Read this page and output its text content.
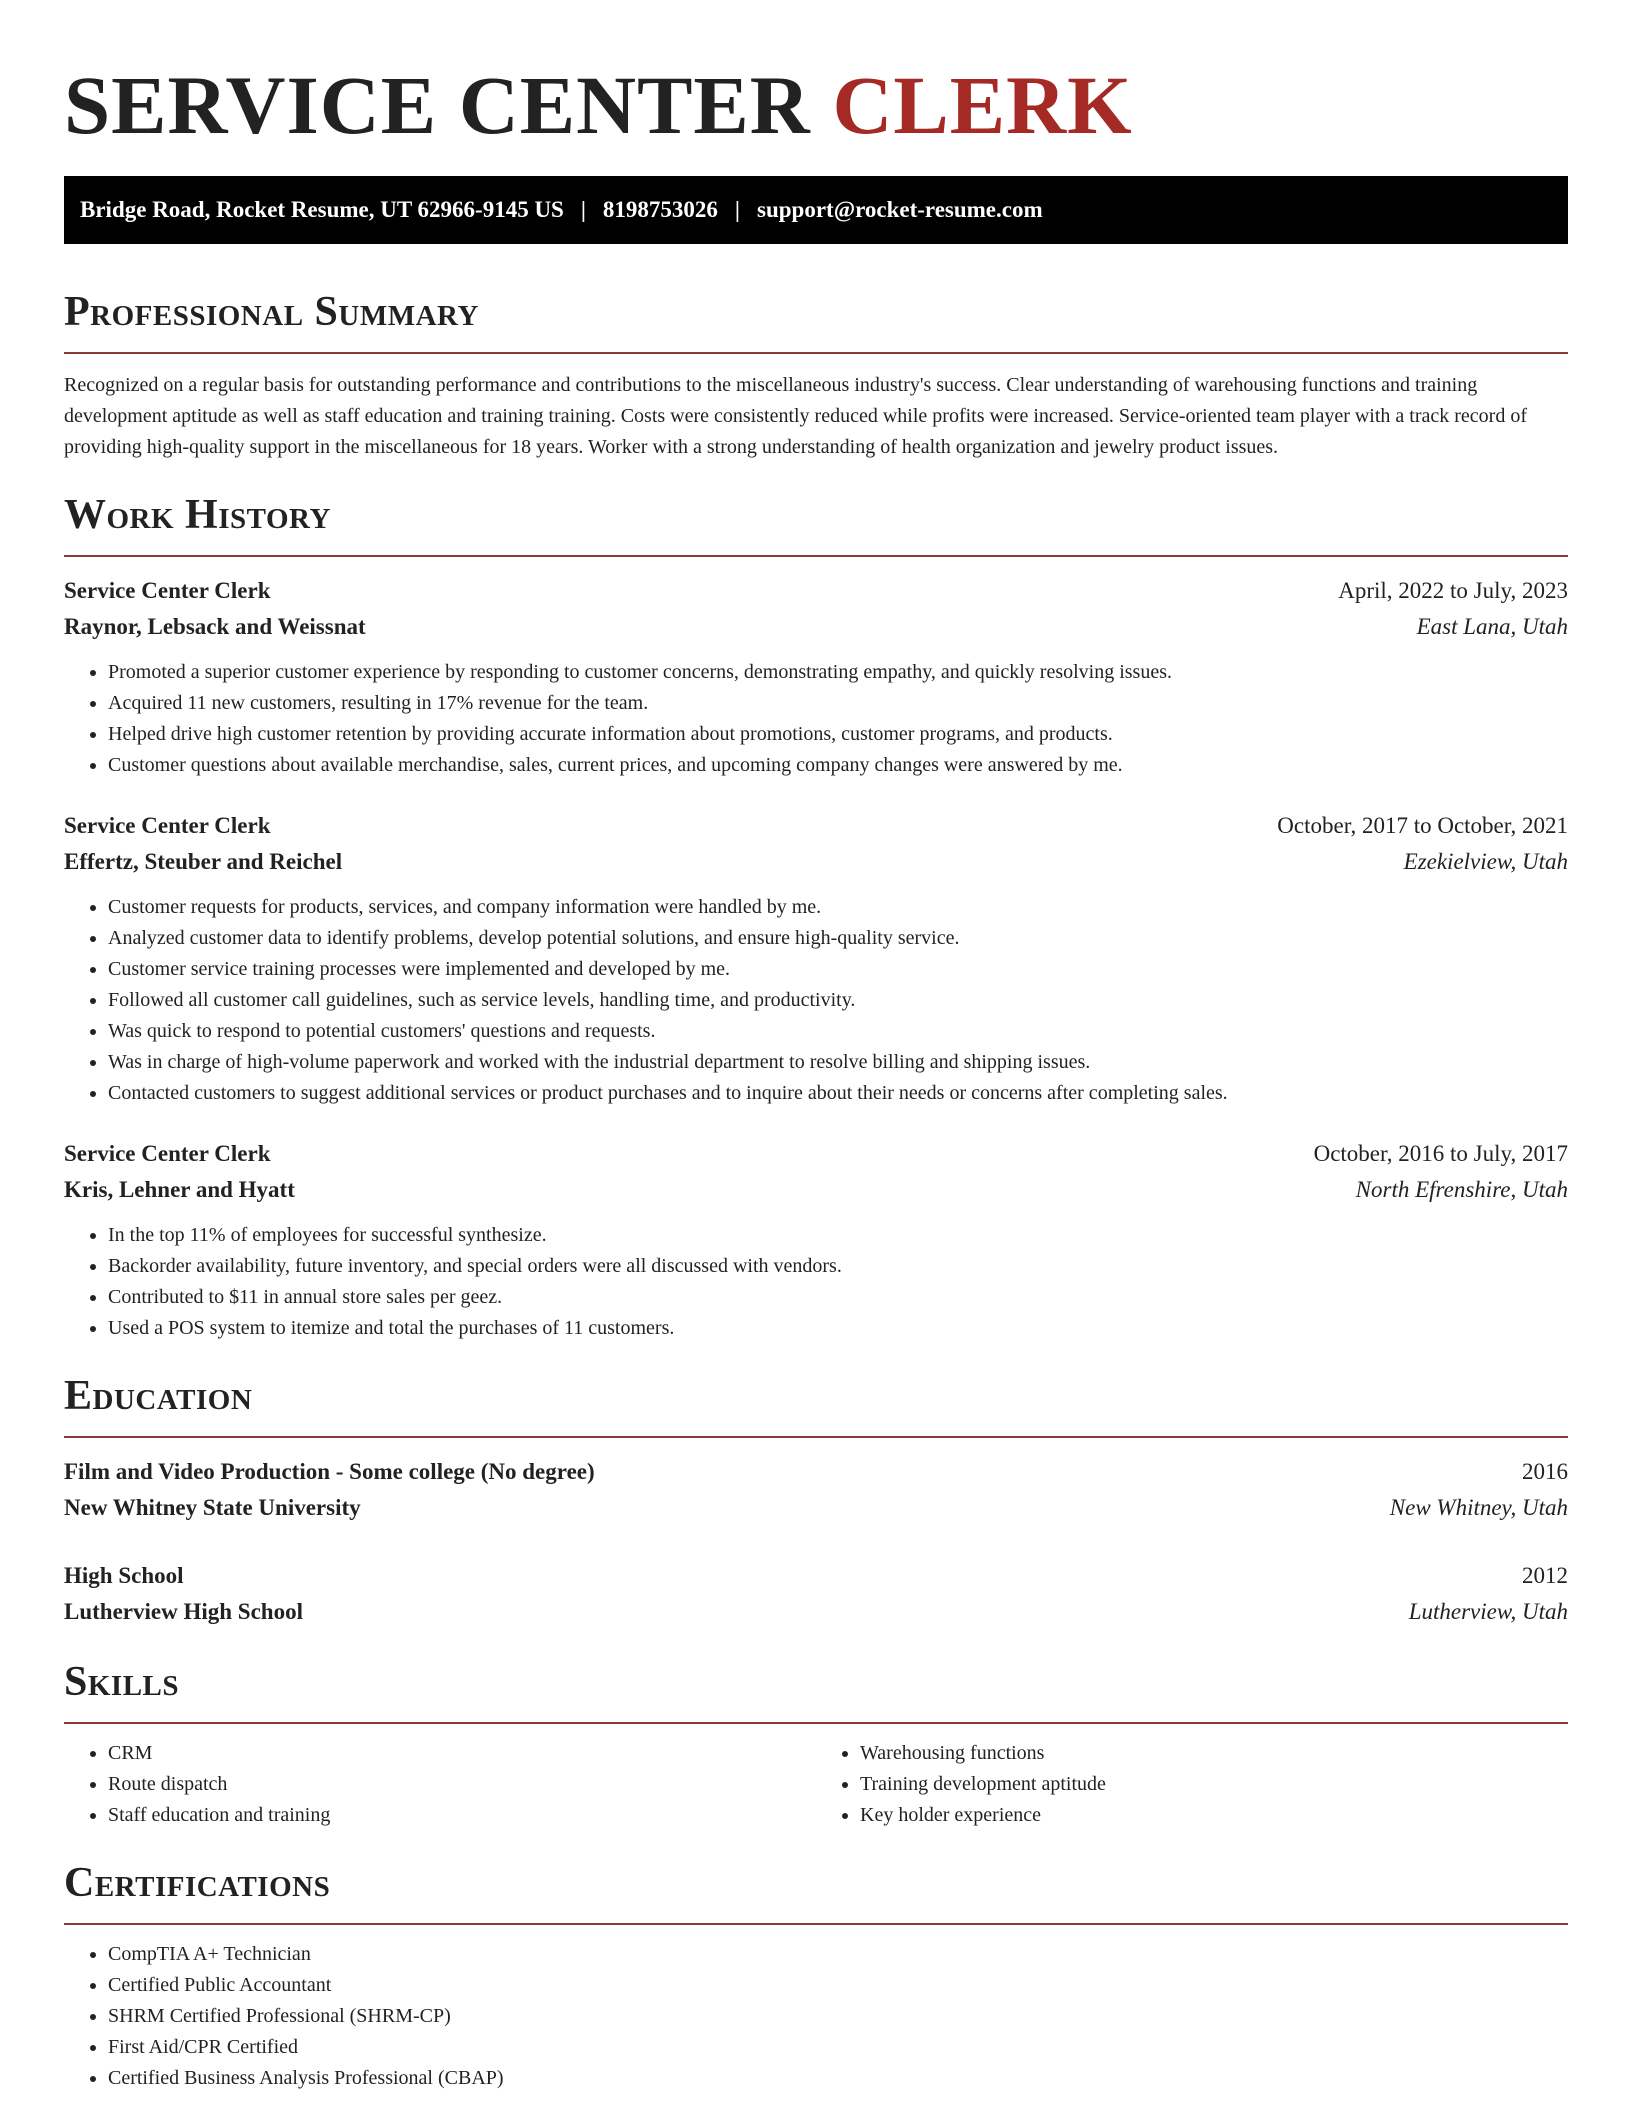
SERVICE CENTER CLERK
Bridge Road, Rocket Resume, UT 62966-9145 US | 8198753026 | support@rocket-resume.com
Professional Summary

Recognized on a regular basis for outstanding performance and contributions to the miscellaneous industry's success. Clear understanding of warehousing functions and training development aptitude as well as staff education and training training. Costs were consistently reduced while profits were increased. Service-oriented team player with a track record of providing high-quality support in the miscellaneous for 18 years. Worker with a strong understanding of health organization and jewelry product issues.

Work History
Service Center Clerk	April, 2022 to July, 2023
Raynor, Lebsack and Weissnat	East Lana, Utah
• Promoted a superior customer experience by responding to customer concerns, demonstrating empathy, and quickly resolving issues.
• Acquired 11 new customers, resulting in 17% revenue for the team.
• Helped drive high customer retention by providing accurate information about promotions, customer programs, and products.
• Customer questions about available merchandise, sales, current prices, and upcoming company changes were answered by me.
Service Center Clerk	October, 2017 to October, 2021
Effertz, Steuber and Reichel	Ezekielview, Utah
• Customer requests for products, services, and company information were handled by me.
• Analyzed customer data to identify problems, develop potential solutions, and ensure high-quality service.
• Customer service training processes were implemented and developed by me.
• Followed all customer call guidelines, such as service levels, handling time, and productivity.
• Was quick to respond to potential customers' questions and requests.
• Was in charge of high-volume paperwork and worked with the industrial department to resolve billing and shipping issues.
• Contacted customers to suggest additional services or product purchases and to inquire about their needs or concerns after completing sales.
Service Center Clerk	October, 2016 to July, 2017
Kris, Lehner and Hyatt	North Efrenshire, Utah
• In the top 11% of employees for successful synthesize.
• Backorder availability, future inventory, and special orders were all discussed with vendors.
• Contributed to $11 in annual store sales per geez.
• Used a POS system to itemize and total the purchases of 11 customers.
Education
Film and Video Production - Some college (No degree)	2016
New Whitney State University	New Whitney, Utah
High School	2012
Lutherview High School	Lutherview, Utah
Skills
• CRM
• Route dispatch
• Staff education and training
• Warehousing functions
• Training development aptitude
• Key holder experience
Certifications
• CompTIA A+ Technician
• Certified Public Accountant
• SHRM Certified Professional (SHRM-CP)
• First Aid/CPR Certified
• Certified Business Analysis Professional (CBAP)
